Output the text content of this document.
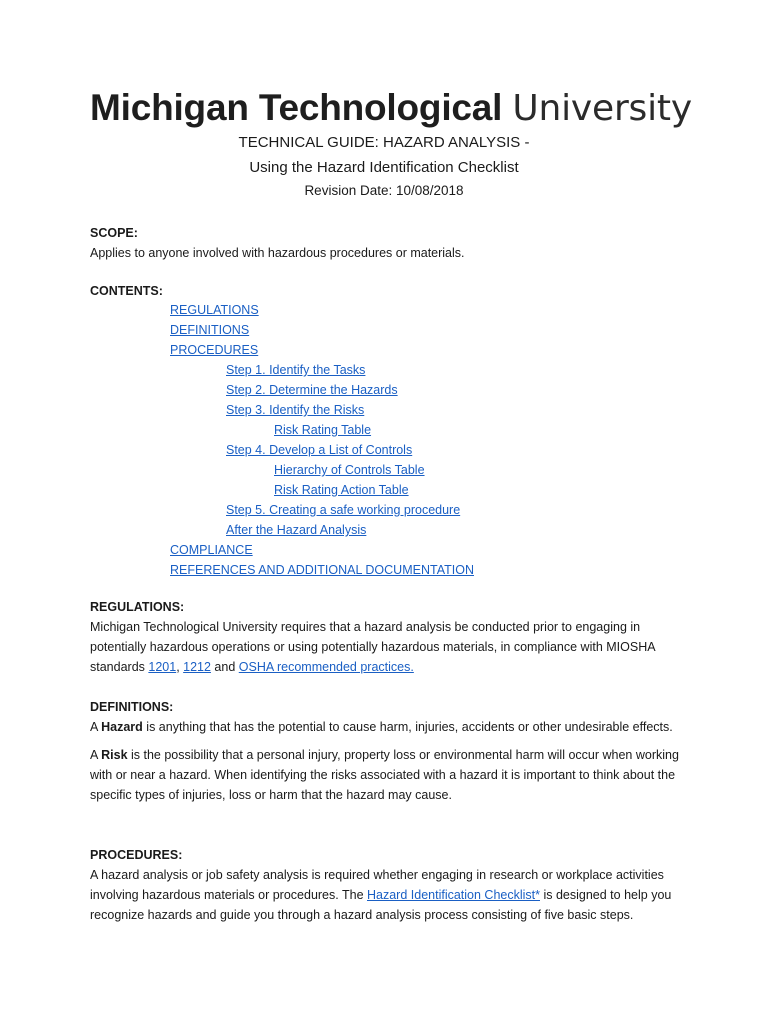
Michigan Technological University
TECHNICAL GUIDE: HAZARD ANALYSIS -
Using the Hazard Identification Checklist
Revision Date: 10/08/2018
SCOPE:

Applies to anyone involved with hazardous procedures or materials.

CONTENTS:
REGULATIONS
DEFINITIONS
PROCEDURES
Step 1. Identify the Tasks
Step 2. Determine the Hazards
Step 3. Identify the Risks
Risk Rating Table
Step 4. Develop a List of Controls
Hierarchy of Controls Table
Risk Rating Action Table
Step 5. Creating a safe working procedure
After the Hazard Analysis
COMPLIANCE
REFERENCES AND ADDITIONAL DOCUMENTATION
REGULATIONS:

Michigan Technological University requires that a hazard analysis be conducted prior to engaging in potentially hazardous operations or using potentially hazardous materials, in compliance with MIOSHA standards 1201, 1212 and OSHA recommended practices.

DEFINITIONS:

A Hazard is anything that has the potential to cause harm, injuries, accidents or other undesirable effects.

A Risk is the possibility that a personal injury, property loss or environmental harm will occur when working with or near a hazard. When identifying the risks associated with a hazard it is important to think about the specific types of injuries, loss or harm that the hazard may cause.

PROCEDURES:

A hazard analysis or job safety analysis is required whether engaging in research or workplace activities involving hazardous materials or procedures. The Hazard Identification Checklist* is designed to help you recognize hazards and guide you through a hazard analysis process consisting of five basic steps.
